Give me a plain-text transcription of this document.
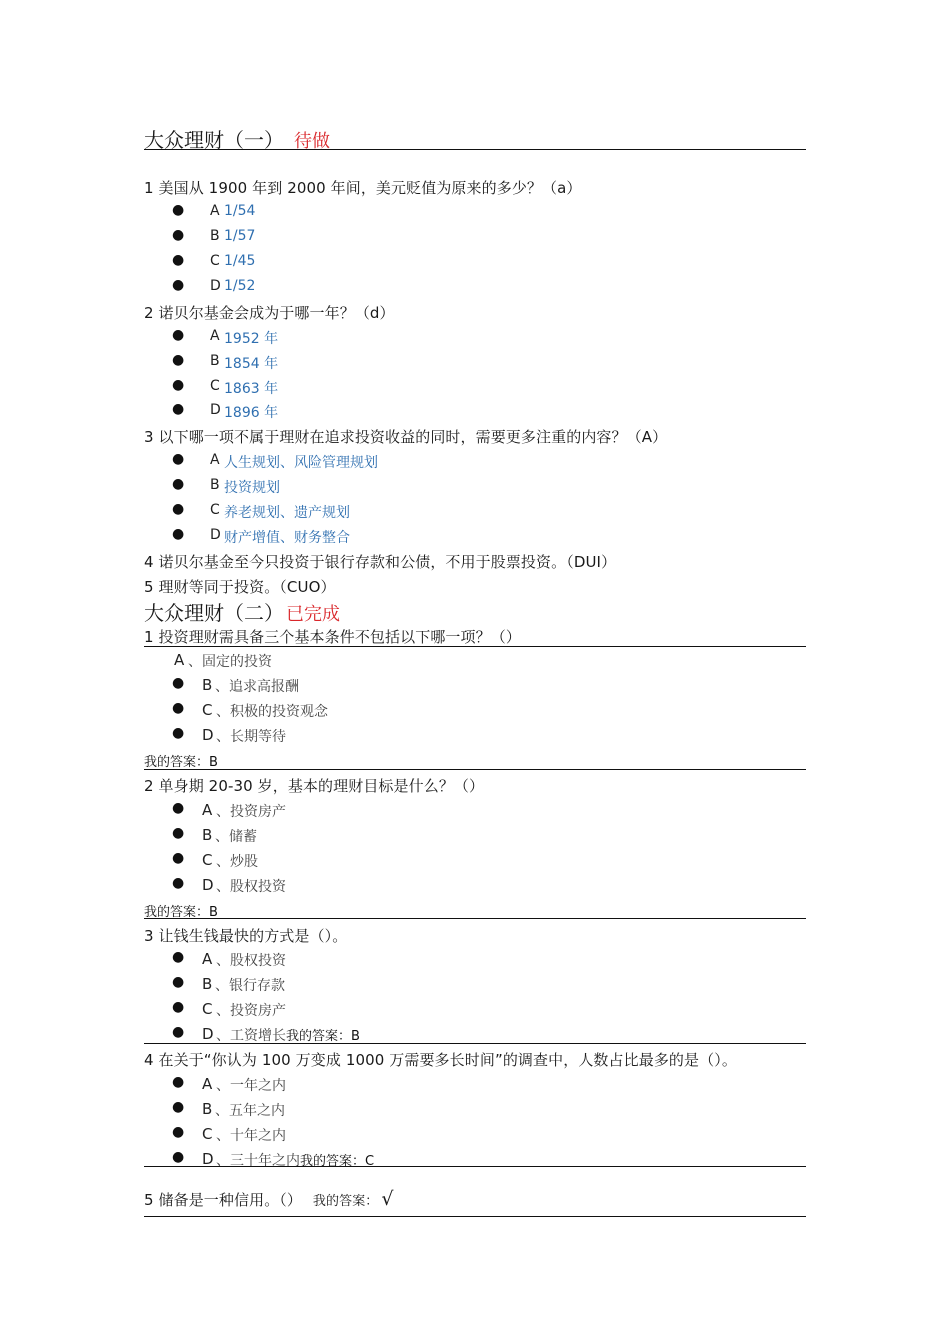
大众理财（一） 待做
1 美国从 1900 年到 2000 年间，美元贬值为原来的多少？（a）
● A 1/54
● B 1/57
● C 1/45
● D 1/52
2 诺贝尔基金会成为于哪一年？（d）
● A 1952 年
● B 1854 年
● C 1863 年
● D 1896 年
3 以下哪一项不属于理财在追求投资收益的同时，需要更多注重的内容？（A）
● A 人生规划、风险管理规划
● B 投资规划
● C 养老规划、遗产规划
● D 财产增值、财务整合
4 诺贝尔基金至今只投资于银行存款和公债，不用于股票投资。（DUI）
5 理财等同于投资。（CUO）
大众理财（二） 已完成
1 投资理财需具备三个基本条件不包括以下哪一项？（）
A 、固定的投资
● B 、追求高报酬
● C 、积极的投资观念
● D 、长期等待
我的答案：B
2 单身期 20-30 岁，基本的理财目标是什么？（）
● A 、投资房产
● B 、储蓄
● C 、炒股
● D 、股权投资
我的答案：B
3 让钱生钱最快的方式是（）。
● A 、股权投资
● B 、银行存款
● C 、投资房产
● D 、工资增长我的答案：B
4 在关于“你认为 100 万变成 1000 万需要多长时间”的调查中，人数占比最多的是（）。
● A 、一年之内
● B 、五年之内
● C 、十年之内
● D 、三十年之内我的答案：C
5 储备是一种信用。（） 我的答案： √
